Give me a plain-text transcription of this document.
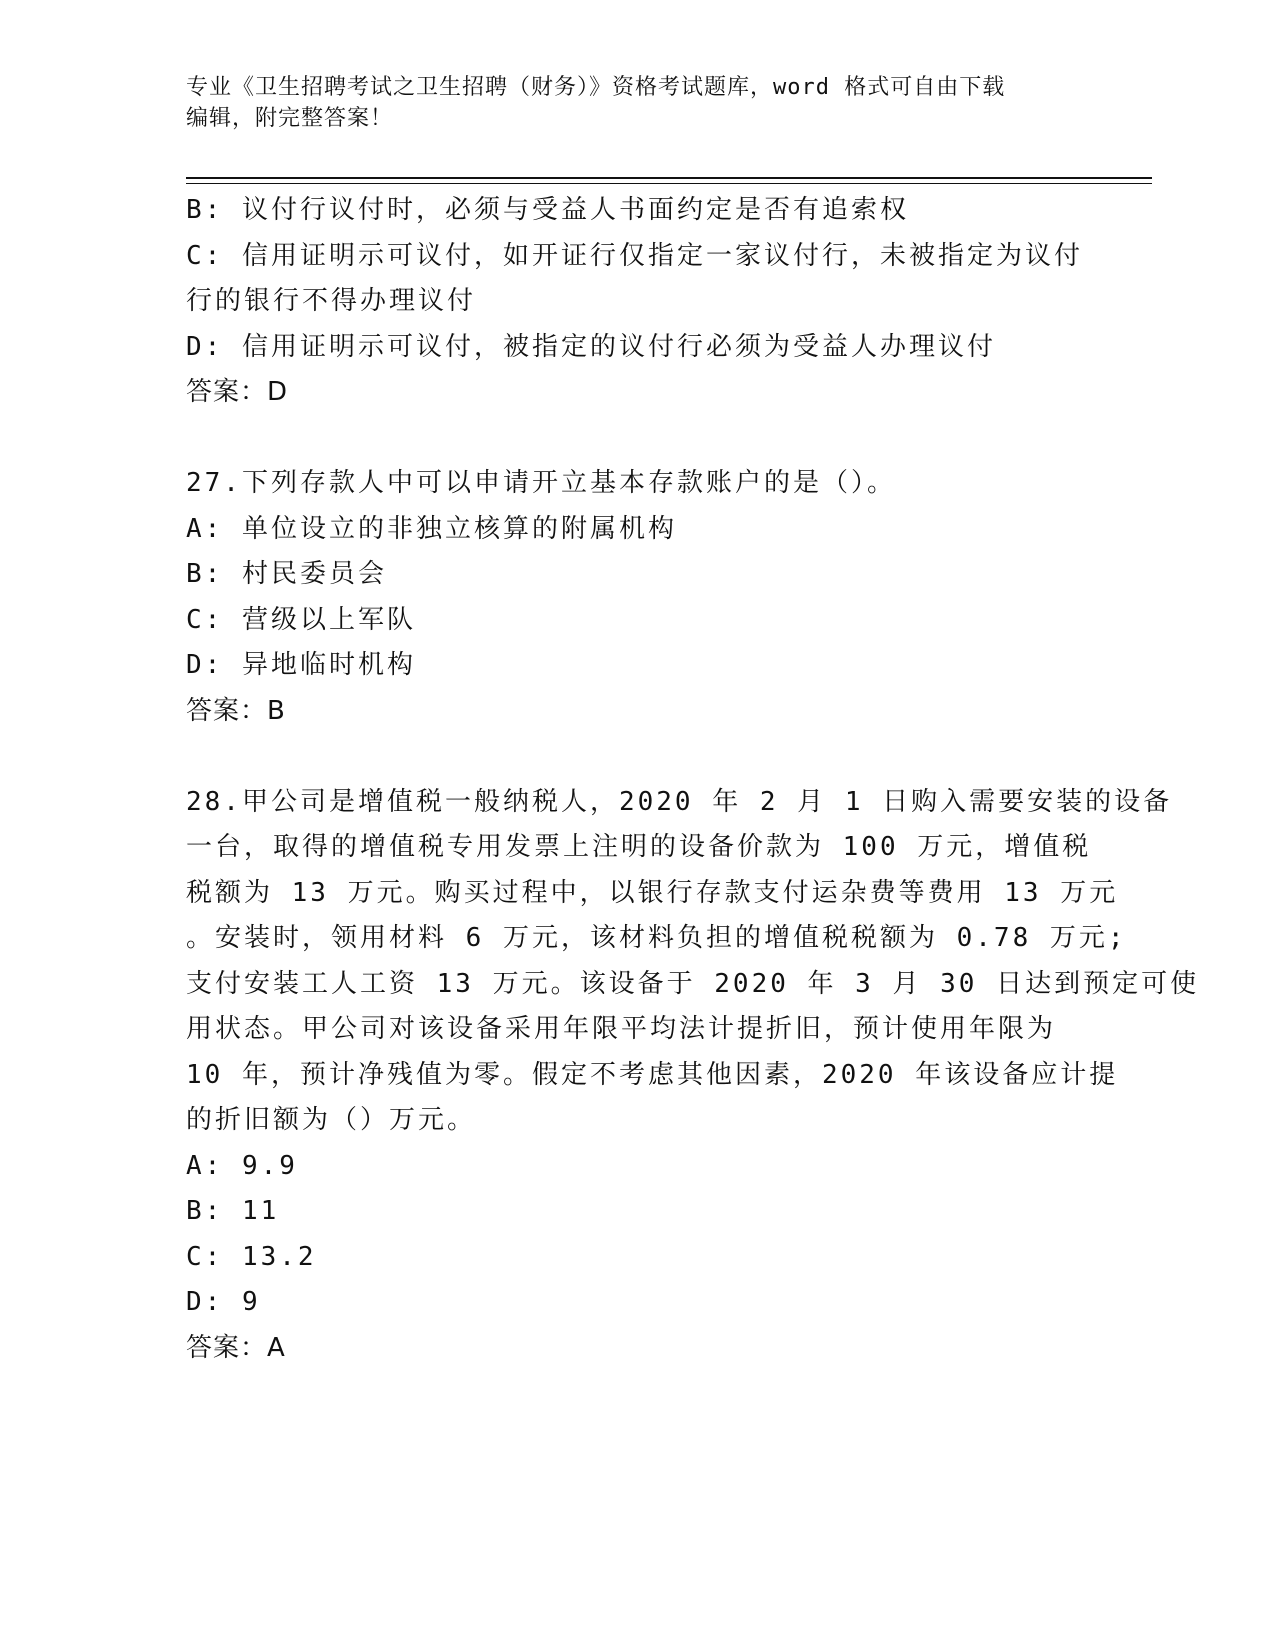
专业《卫生招聘考试之卫生招聘（财务）》资格考试题库，word 格式可自由下载
编辑，附完整答案！
B: 议付行议付时，必须与受益人书面约定是否有追索权
C: 信用证明示可议付，如开证行仅指定一家议付行，未被指定为议付
行的银行不得办理议付
D: 信用证明示可议付，被指定的议付行必须为受益人办理议付
答案：D
27.下列存款人中可以申请开立基本存款账户的是（）。
A: 单位设立的非独立核算的附属机构
B: 村民委员会
C: 营级以上军队
D: 异地临时机构
答案：B
28.甲公司是增值税一般纳税人，2020 年 2 月 1 日购入需要安装的设备
一台，取得的增值税专用发票上注明的设备价款为 100 万元，增值税
税额为 13 万元。购买过程中，以银行存款支付运杂费等费用 13 万元
。安装时，领用材料 6 万元，该材料负担的增值税税额为 0.78 万元;
支付安装工人工资 13 万元。该设备于 2020 年 3 月 30 日达到预定可使
用状态。甲公司对该设备采用年限平均法计提折旧，预计使用年限为
10 年，预计净残值为零。假定不考虑其他因素，2020 年该设备应计提
的折旧额为（）万元。
A: 9.9
B: 11
C: 13.2
D: 9
答案：A
